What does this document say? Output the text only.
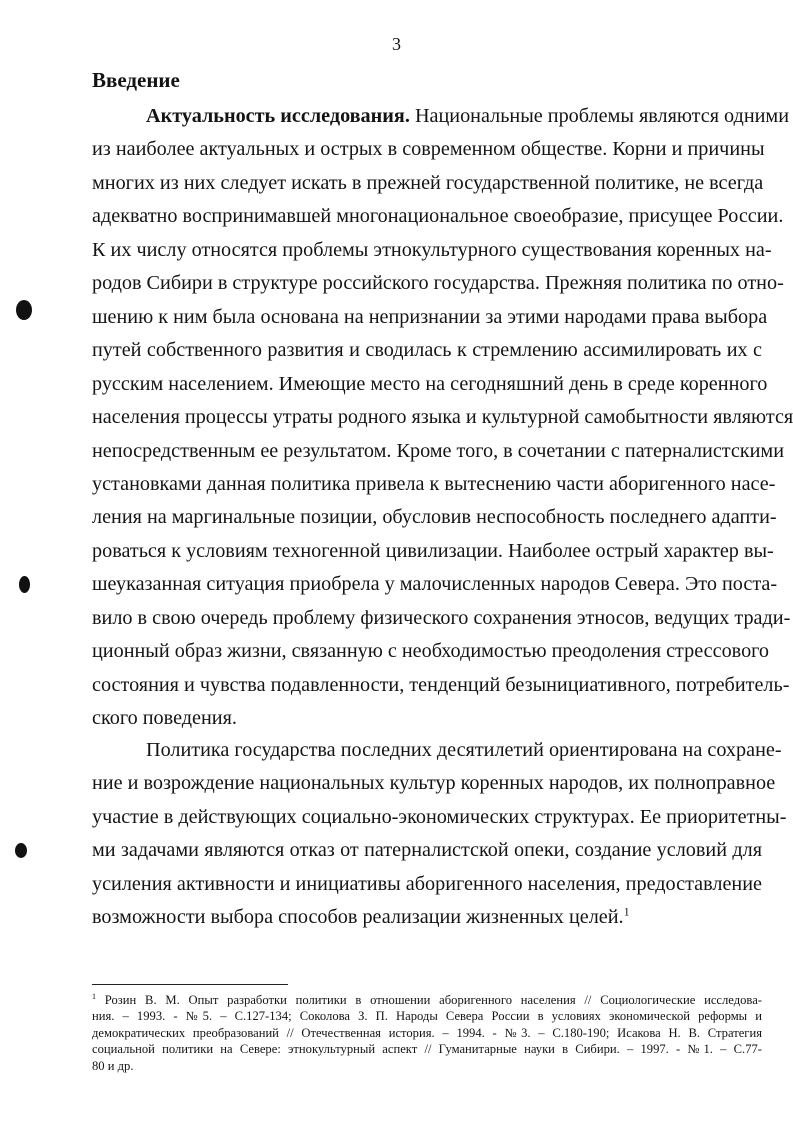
3
Введение
Актуальность исследования. Национальные проблемы являются одними
из наиболее актуальных и острых в современном обществе. Корни и причины
многих из них следует искать в прежней государственной политике, не всегда
адекватно воспринимавшей многонациональное своеобразие, присущее России.
К их числу относятся проблемы этнокультурного существования коренных на-
родов Сибири в структуре российского государства. Прежняя политика по отно-
шению к ним была основана на непризнании за этими народами права выбора
путей собственного развития и сводилась к стремлению ассимилировать их с
русским населением. Имеющие место на сегодняшний день в среде коренного
населения процессы утраты родного языка и культурной самобытности являются
непосредственным ее результатом. Кроме того, в сочетании с патерналистскими
установками данная политика привела к вытеснению части аборигенного насе-
ления на маргинальные позиции, обусловив неспособность последнего адапти-
роваться к условиям техногенной цивилизации. Наиболее острый характер вы-
шеуказанная ситуация приобрела у малочисленных народов Севера. Это поста-
вило в свою очередь проблему физического сохранения этносов, ведущих тради-
ционный образ жизни, связанную с необходимостью преодоления стрессового
состояния и чувства подавленности, тенденций безынициативного, потребитель-
ского поведения.
Политика государства последних десятилетий ориентирована на сохране-
ние и возрождение национальных культур коренных народов, их полноправное
участие в действующих социально-экономических структурах. Ее приоритетны-
ми задачами являются отказ от патерналистской опеки, создание условий для
усиления активности и инициативы аборигенного населения, предоставление
возможности выбора способов реализации жизненных целей.$^1$
$^1$ Розин В. М. Опыт разработки политики в отношении аборигенного населения // Социологические исследова-
ния. – 1993. - №5. – С.127-134; Соколова З. П. Народы Севера России в условиях экономической реформы и
демократических преобразований // Отечественная история. – 1994. - №3. – С.180-190; Исакова Н. В. Стратегия
социальной политики на Севере: этнокультурный аспект // Гуманитарные науки в Сибири. – 1997. - №1. – С.77-
80 и др.
